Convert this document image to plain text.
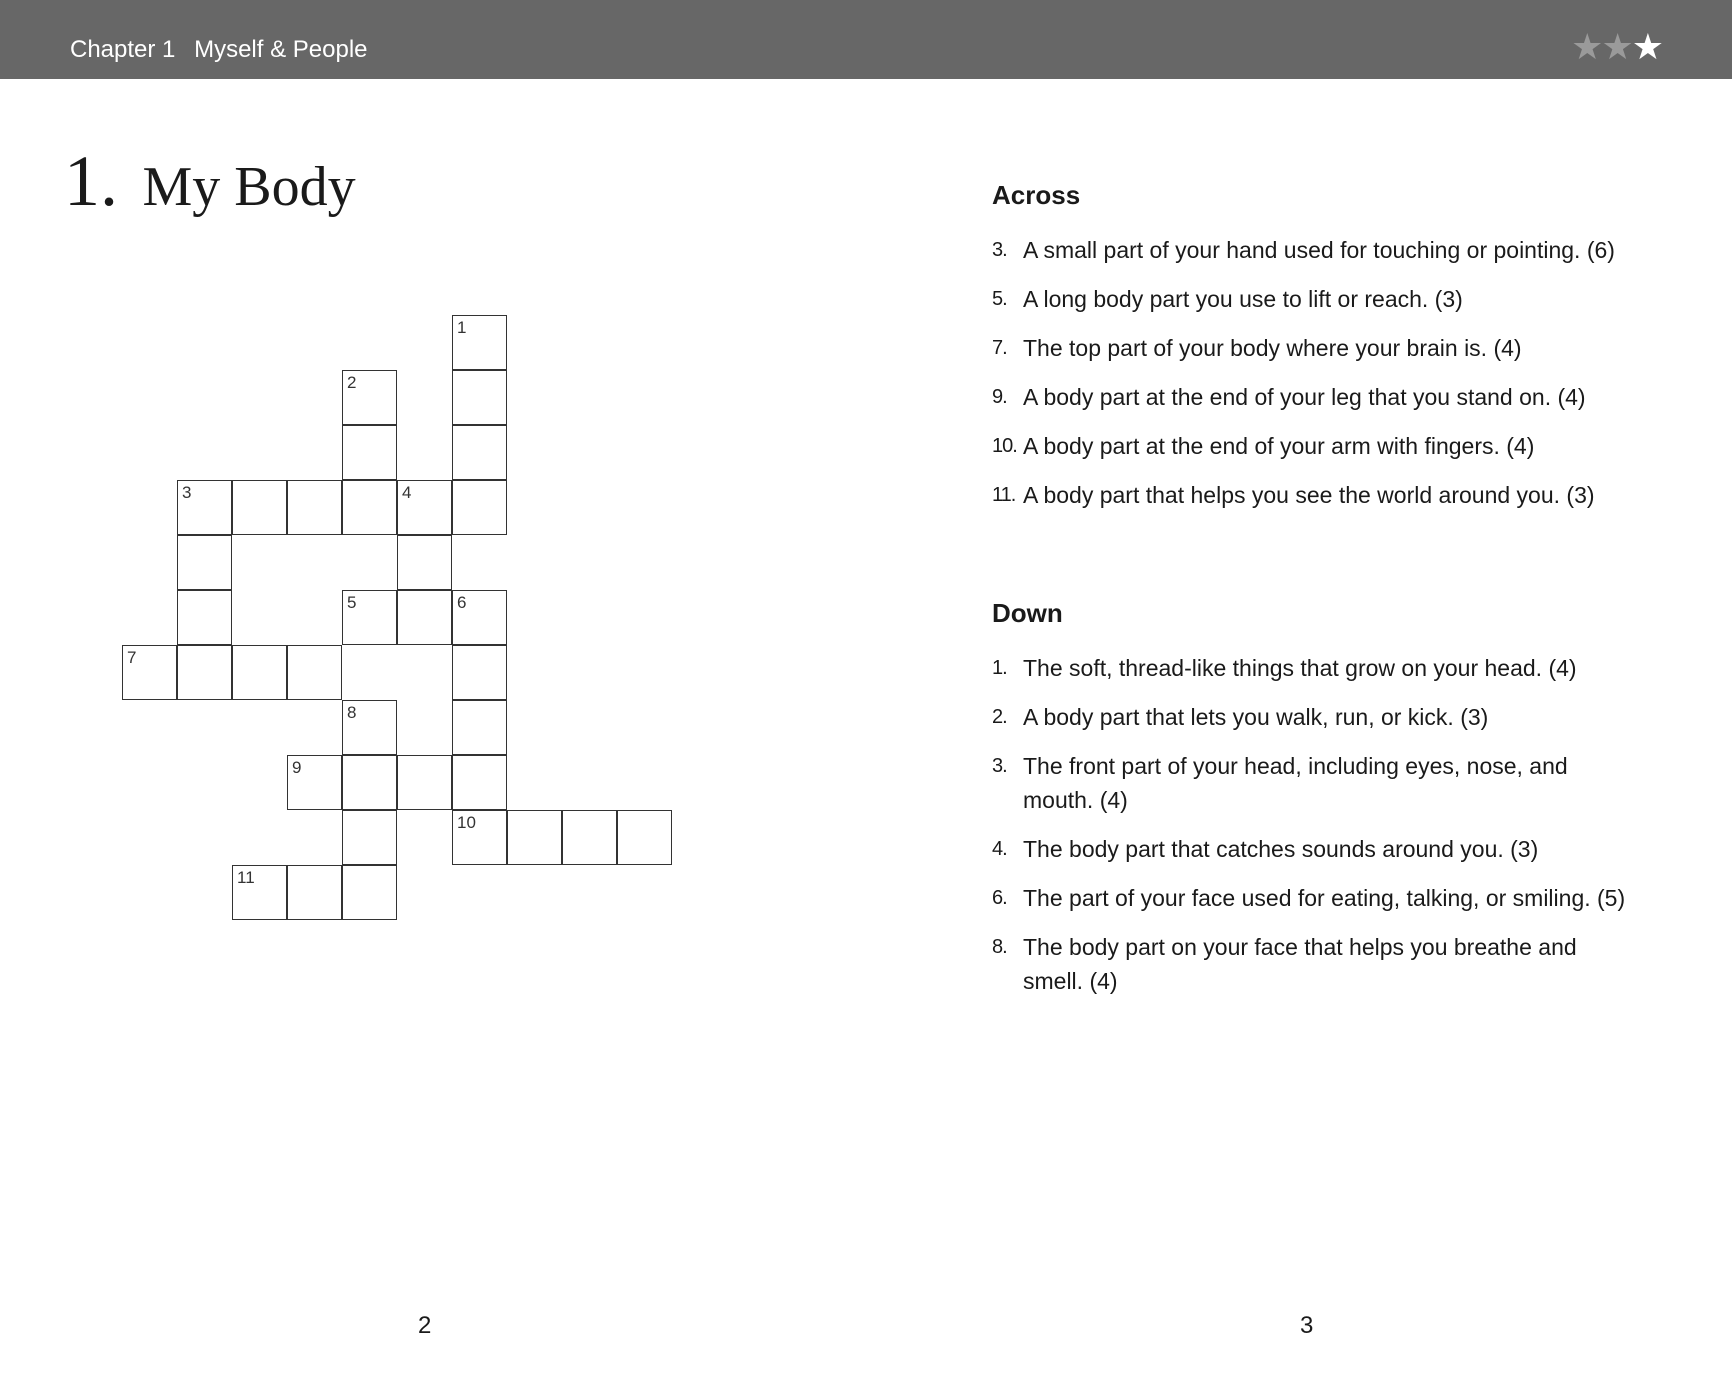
Chapter 1 Myself & People	★★★
1. My Body
1
2
3	4
5	6
7
8
9
10
11
Across
3. A small part of your hand used for touching or pointing. (6)
5. A long body part you use to lift or reach. (3)
7. The top part of your body where your brain is. (4)
9. A body part at the end of your leg that you stand on. (4)
10. A body part at the end of your arm with fingers. (4)
11. A body part that helps you see the world around you. (3)
Down
1. The soft, thread-like things that grow on your head. (4)
2. A body part that lets you walk, run, or kick. (3)
3. The front part of your head, including eyes, nose, and mouth. (4)
4. The body part that catches sounds around you. (3)
6. The part of your face used for eating, talking, or smiling. (5)
8. The body part on your face that helps you breathe and smell. (4)
2	3
